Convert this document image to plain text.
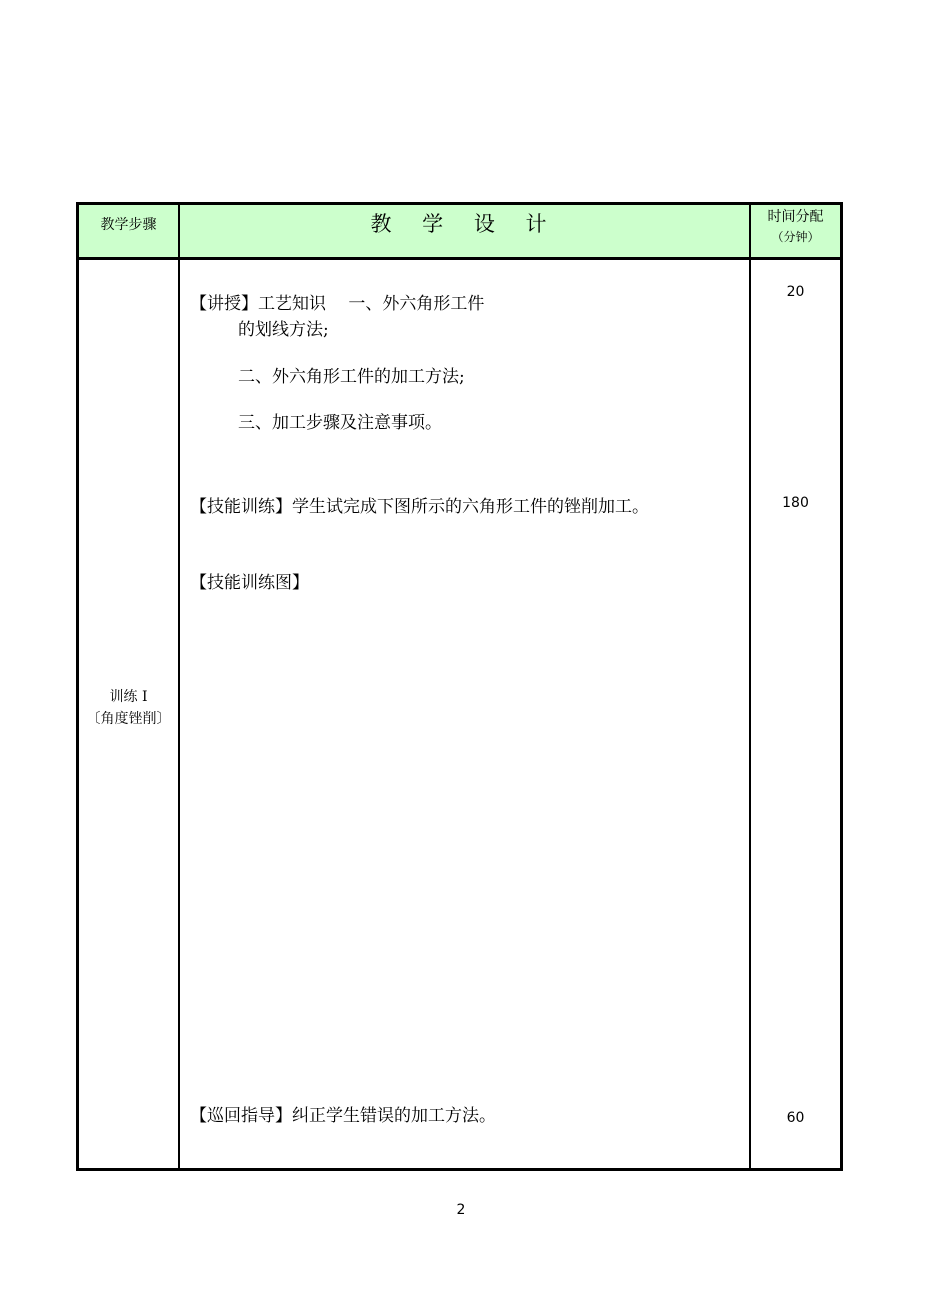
教学步骤	教 学 设 计	时间分配
（分钟）
训练 I
〔角度锉削〕
【讲授】工艺知识　 一、外六角形工件
的划线方法;
二、外六角形工件的加工方法;
三、加工步骤及注意事项。
【技能训练】学生试完成下图所示的六角形工件的锉削加工。
【技能训练图】
【巡回指导】纠正学生错误的加工方法。
20
180
60
2
